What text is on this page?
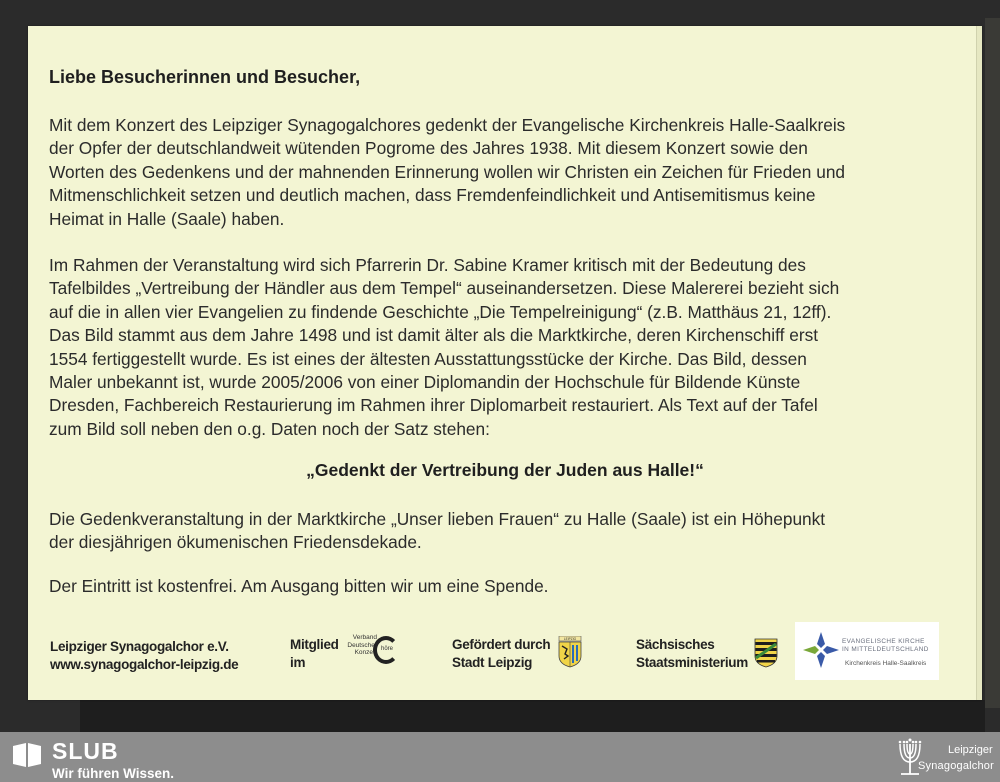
Liebe Besucherinnen und Besucher,
Mit dem Konzert des Leipziger Synagogalchores gedenkt der Evangelische Kirchenkreis Halle-Saalkreis
der Opfer der deutschlandweit wütenden Pogrome des Jahres 1938. Mit diesem Konzert sowie den
Worten des Gedenkens und der mahnenden Erinnerung wollen wir Christen ein Zeichen für Frieden und
Mitmenschlichkeit setzen und deutlich machen, dass Fremdenfeindlichkeit und Antisemitismus keine
Heimat in Halle (Saale) haben.
Im Rahmen der Veranstaltung wird sich Pfarrerin Dr. Sabine Kramer kritisch mit der Bedeutung des
Tafelbildes „Vertreibung der Händler aus dem Tempel“ auseinandersetzen. Diese Malererei bezieht sich
auf die in allen vier Evangelien zu findende Geschichte „Die Tempelreinigung“ (z.B. Matthäus 21, 12ff).
Das Bild stammt aus dem Jahre 1498 und ist damit älter als die Marktkirche, deren Kirchenschiff erst
1554 fertiggestellt wurde. Es ist eines der ältesten Ausstattungsstücke der Kirche. Das Bild, dessen
Maler unbekannt ist, wurde 2005/2006 von einer Diplomandin der Hochschule für Bildende Künste
Dresden, Fachbereich Restaurierung im Rahmen ihrer Diplomarbeit restauriert. Als Text auf der Tafel
zum Bild soll neben den o.g. Daten noch der Satz stehen:
„Gedenkt der Vertreibung der Juden aus Halle!“
Die Gedenkveranstaltung in der Marktkirche „Unser lieben Frauen“ zu Halle (Saale) ist ein Höhepunkt
der diesjährigen ökumenischen Friedensdekade.
Der Eintritt ist kostenfrei. Am Ausgang bitten wir um eine Spende.
Leipziger Synagogalchor e.V.
www.synagogalchor-leipzig.de
Mitglied
im
Verband
Deutscher
Konzert höre	Gefördert durch
Stadt Leipzig
LEIPZIG	Sächsisches
Staatsministerium
EVANGELISCHE KIRCHE
IN MITTELDEUTSCHLAND
Kirchenkreis Halle-Saalkreis
SLUB
Wir führen Wissen.
Leipziger
Synagogalchor
